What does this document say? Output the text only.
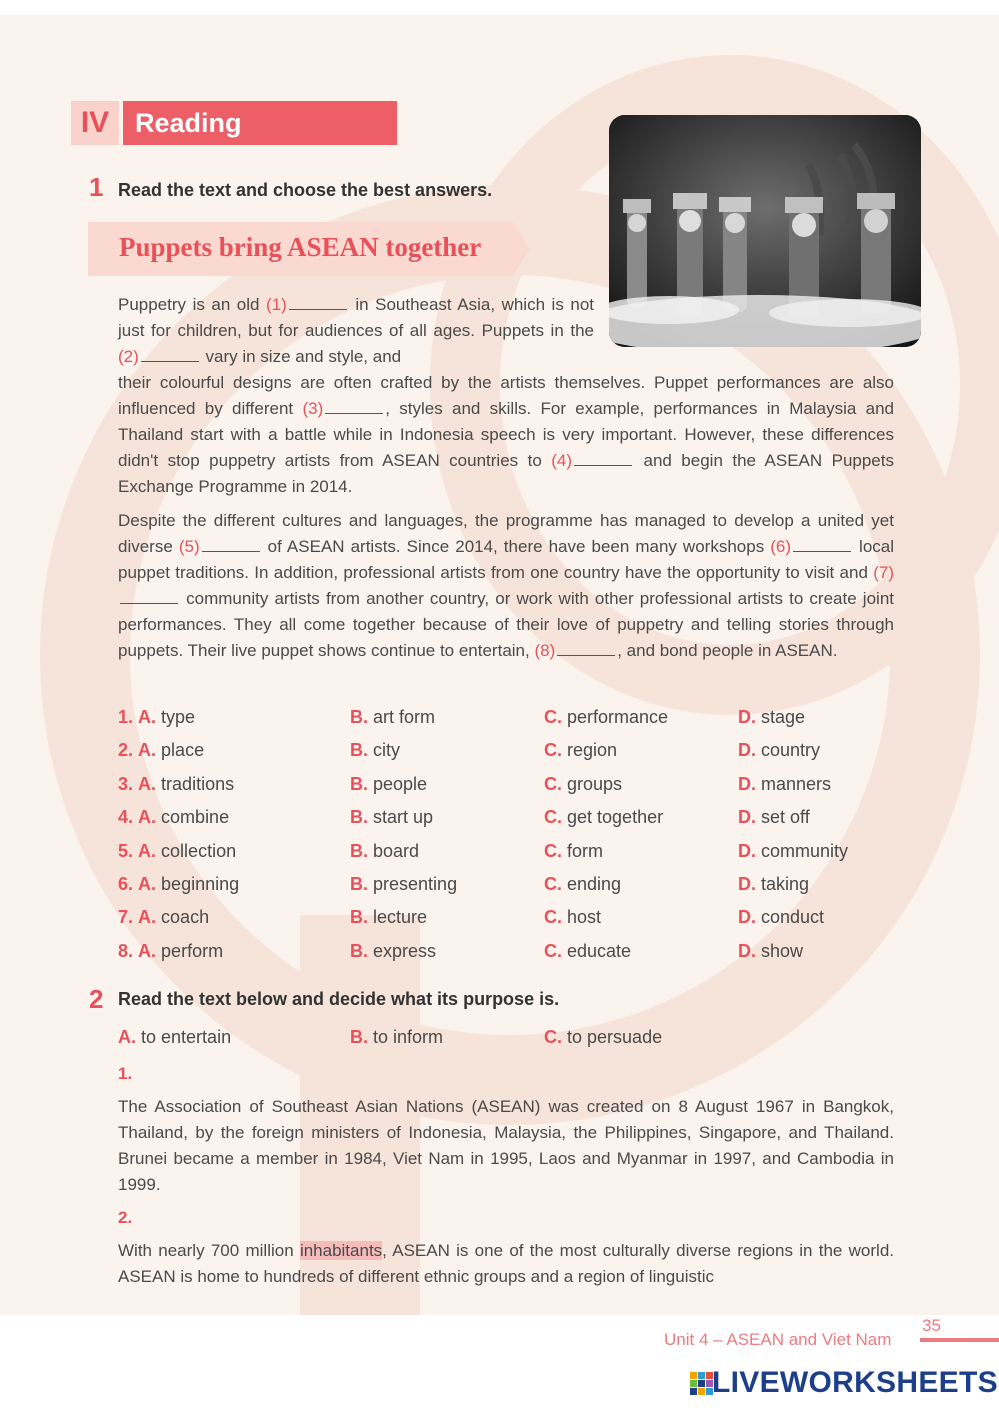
IV Reading
1 Read the text and choose the best answers.
Puppets bring ASEAN together

Puppetry is an old (1)	in Southeast Asia, which is not just for children, but for audiences of all ages. Puppets in the (2)	vary in size and style, and

their colourful designs are often crafted by the artists themselves. Puppet performances are also influenced by different (3)	, styles and skills. For example, performances in Malaysia and Thailand start with a battle while in Indonesia speech is very important. However, these differences didn't stop puppetry artists from ASEAN countries to (4)	and begin the ASEAN Puppets Exchange Programme in 2014.

Despite the different cultures and languages, the programme has managed to develop a united yet diverse (5)	of ASEAN artists. Since 2014, there have been many workshops (6)	local puppet traditions. In addition, professional artists from one country have the opportunity to visit and (7) community artists from another country, or work with other professional artists to create joint performances. They all come together because of their love of puppetry and telling stories through puppets. Their live puppet shows continue to entertain, (8)	, and bond people in ASEAN.

1. A. type	B. art form	C. performance	D. stage
2. A. place	B. city	C. region	D. country
3. A. traditions	B. people	C. groups	D. manners
4. A. combine	B. start up	C. get together	D. set off
5. A. collection	B. board	C. form	D. community
6. A. beginning	B. presenting	C. ending	D. taking
7. A. coach	B. lecture	C. host	D. conduct
8. A. perform	B. express	C. educate	D. show
2 Read the text below and decide what its purpose is.
A. to entertain	B. to inform	C. to persuade
1.

The Association of Southeast Asian Nations (ASEAN) was created on 8 August 1967 in Bangkok, Thailand, by the foreign ministers of Indonesia, Malaysia, the Philippines, Singapore, and Thailand. Brunei became a member in 1984, Viet Nam in 1995, Laos and Myanmar in 1997, and Cambodia in 1999.

2.

With nearly 700 million inhabitants, ASEAN is one of the most culturally diverse regions in the world. ASEAN is home to hundreds of different ethnic groups and a region of linguistic

Unit 4 – ASEAN and Viet Nam
35
LIVEWORKSHEETS
